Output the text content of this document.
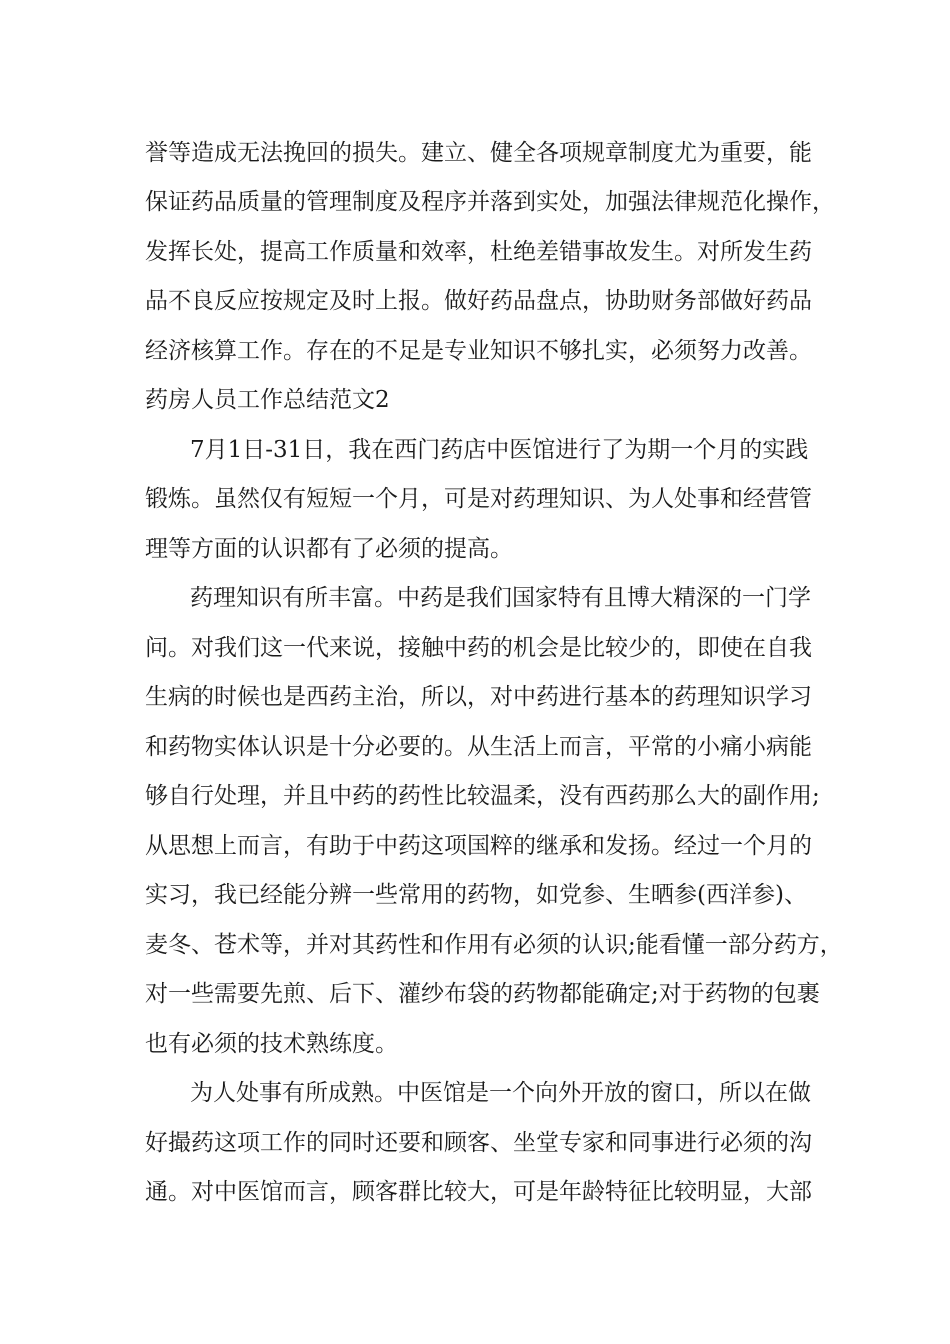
誉等造成无法挽回的损失。建立、健全各项规章制度尤为重要，能
保证药品质量的管理制度及程序并落到实处，加强法律规范化操作，
发挥长处，提高工作质量和效率，杜绝差错事故发生。对所发生药
品不良反应按规定及时上报。做好药品盘点，协助财务部做好药品
经济核算工作。存在的不足是专业知识不够扎实，必须努力改善。
药房人员工作总结范文2
7月1日-31日，我在西门药店中医馆进行了为期一个月的实践
锻炼。虽然仅有短短一个月，可是对药理知识、为人处事和经营管
理等方面的认识都有了必须的提高。
药理知识有所丰富。中药是我们国家特有且博大精深的一门学
问。对我们这一代来说，接触中药的机会是比较少的，即使在自我
生病的时候也是西药主治，所以，对中药进行基本的药理知识学习
和药物实体认识是十分必要的。从生活上而言，平常的小痛小病能
够自行处理，并且中药的药性比较温柔，没有西药那么大的副作用;
从思想上而言，有助于中药这项国粹的继承和发扬。经过一个月的
实习，我已经能分辨一些常用的药物，如党参、生晒参(西洋参)、
麦冬、苍术等，并对其药性和作用有必须的认识;能看懂一部分药方，
对一些需要先煎、后下、灌纱布袋的药物都能确定;对于药物的包裹
也有必须的技术熟练度。
为人处事有所成熟。中医馆是一个向外开放的窗口，所以在做
好撮药这项工作的同时还要和顾客、坐堂专家和同事进行必须的沟
通。对中医馆而言，顾客群比较大，可是年龄特征比较明显，大部
